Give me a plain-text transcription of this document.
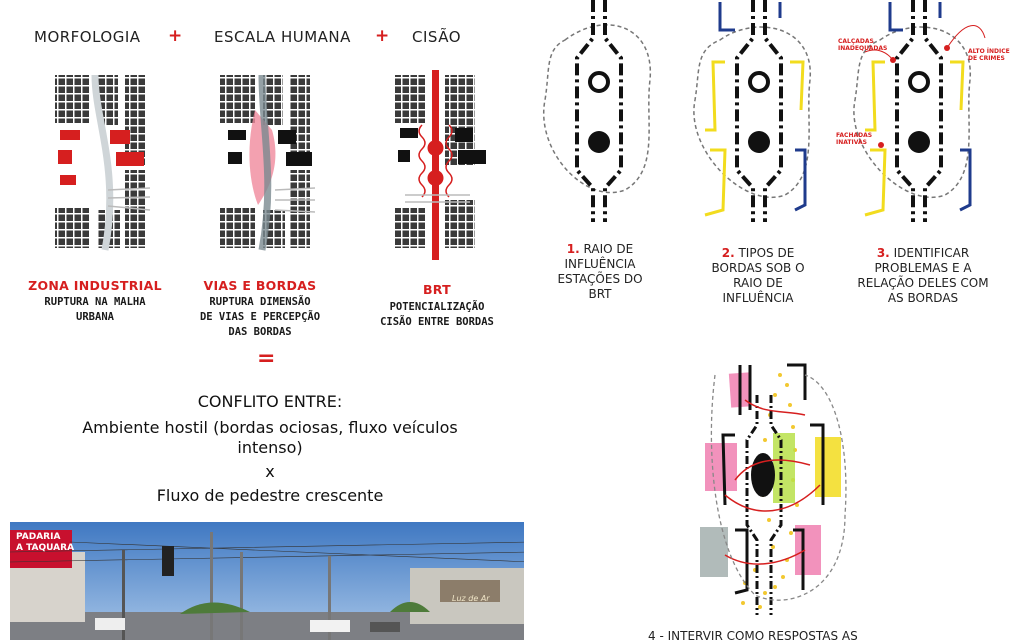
MORFOLOGIA + ESCALA HUMANA + CISÃO
ZONA INDUSTRIAL
RUPTURA NA MALHA
URBANA
VIAS E BORDAS
RUPTURA DIMENSÃO
DE VIAS E PERCEPÇÃO
DAS BORDAS
BRT
POTENCIALIZAÇÃO
CISÃO ENTRE BORDAS
=
CONFLITO ENTRE:
Ambiente hostil (bordas ociosas, fluxo veículos
intenso)
x
Fluxo de pedestre crescente
PADARIA
A TAQUARA
Luz de Ar
CALÇADAS
INADEQUADAS	ALTO ÍNDICE
DE CRIMES
FACHADAS
INATIVAS
1. RAIO DE
INFLUÊNCIA
ESTAÇÕES DO
BRT
2. TIPOS DE
BORDAS SOB O
RAIO DE
INFLUÊNCIA
3. IDENTIFICAR
PROBLEMAS E A
RELAÇÃO DELES COM
AS BORDAS
4 - INTERVIR COMO RESPOSTAS AS
